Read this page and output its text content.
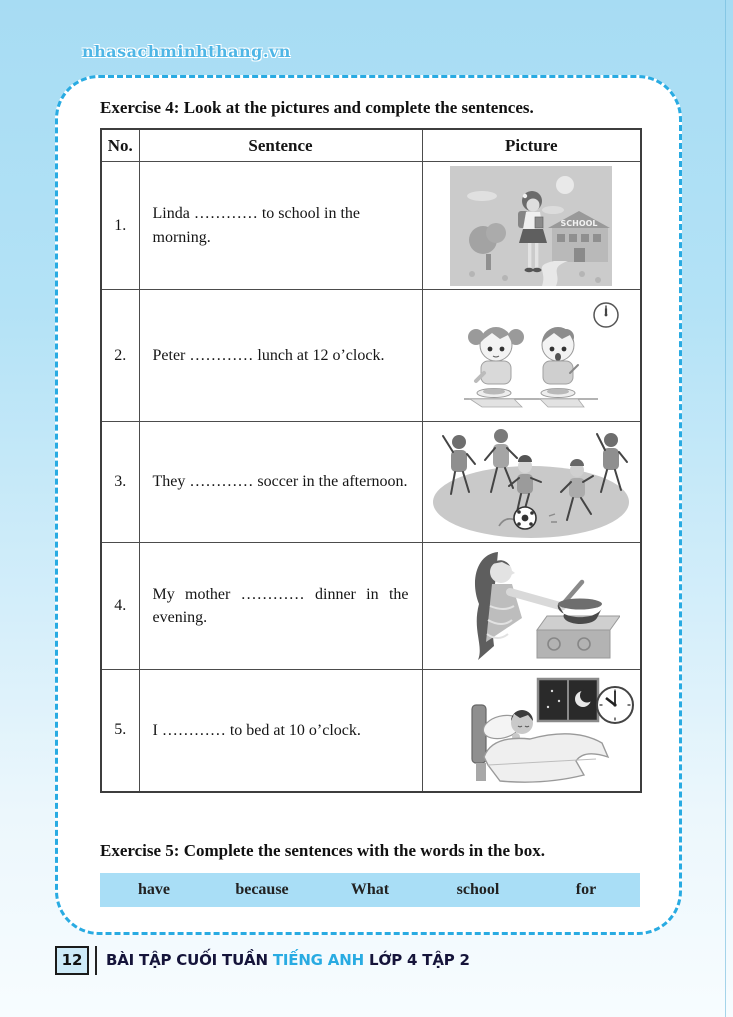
nhasachminhthang.vn
Exercise 4: Look at the pictures and complete the sentences.
No.	Sentence	Picture
1.	Linda ………… to school in the morning.	SCHOOL

2.	Peter ………… lunch at 12 o’clock.	
3.	They ………… soccer in the afternoon.	
4.	My mother ………… dinner in the evening.	
5.	I ………… to bed at 10 o’clock.	
Exercise 5: Complete the sentences with the words in the box.
have	because	What	school	for
12	BÀI TẬP CUỐI TUẦN TIẾNG ANH LỚP 4 TẬP 2
